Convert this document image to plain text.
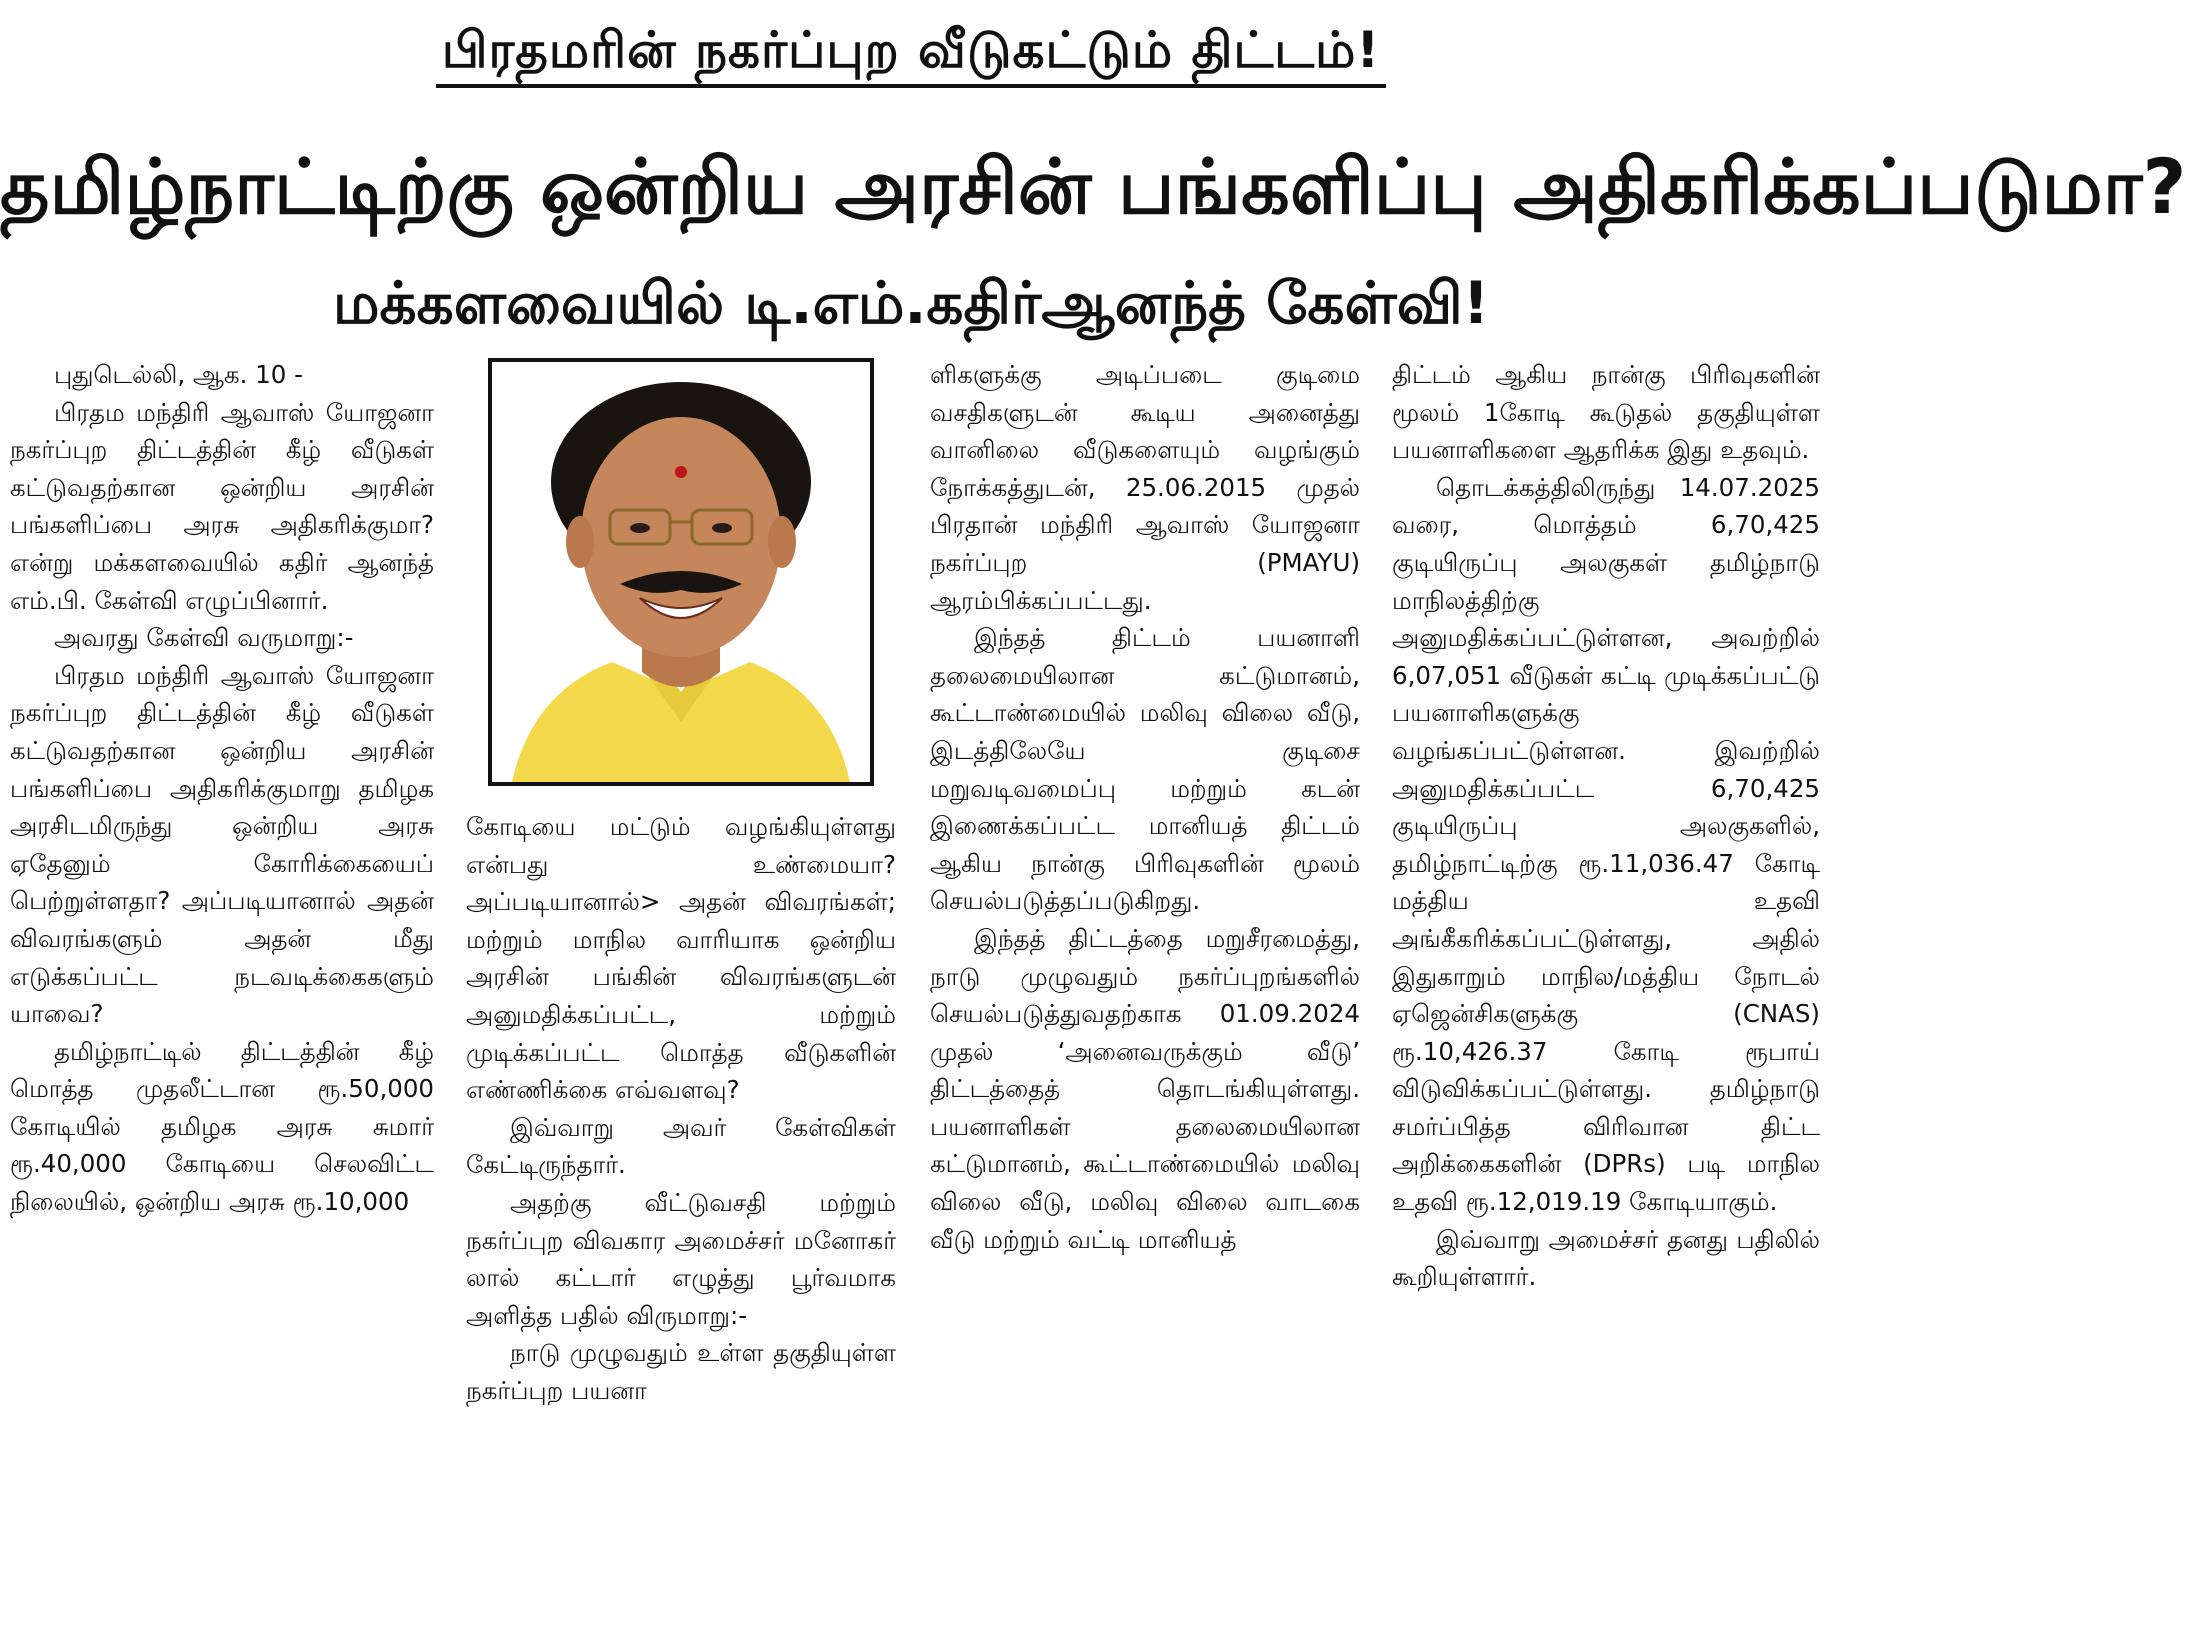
பிரதமரின் நகர்ப்புற வீடுகட்டும் திட்டம்!
தமிழ்நாட்டிற்கு ஒன்றிய அரசின் பங்களிப்பு அதிகரிக்கப்படுமா?
மக்களவையில் டி.எம்.கதிர்ஆனந்த் கேள்வி!

புதுடெல்லி, ஆக. 10 -

பிரதம மந்திரி ஆவாஸ் யோஜனா நகர்ப்புற திட்டத்தின் கீழ் வீடுகள் கட்டுவதற்கான ஒன்றிய அரசின் பங்களிப்பை அரசு அதிகரிக்குமா? என்று மக்களவையில் கதிர் ஆனந்த் எம்.பி. கேள்வி எழுப்பினார்.

அவரது கேள்வி வருமாறு:-

பிரதம மந்திரி ஆவாஸ் யோஜனா நகர்ப்புற திட்டத்தின் கீழ் வீடுகள் கட்டுவதற்கான ஒன்றிய அரசின் பங்களிப்பை அதிகரிக்குமாறு தமிழக அரசிடமிருந்து ஒன்றிய அரசு ஏதேனும் கோரிக்கையைப் பெற்றுள்ளதா? அப்படியானால் அதன் விவரங்களும் அதன் மீது எடுக்கப்பட்ட நடவடிக்கைகளும் யாவை?

தமிழ்நாட்டில் திட்டத்தின் கீழ் மொத்த முதலீட்டான ரூ.50,000 கோடியில் தமிழக அரசு சுமார் ரூ.40,000 கோடியை செலவிட்ட நிலையில், ஒன்றிய அரசு ரூ.10,000

கோடியை மட்டும் வழங்கியுள்ளது என்பது உண்மையா? அப்படியானால்> அதன் விவரங்கள்; மற்றும் மாநில வாரியாக ஒன்றிய அரசின் பங்கின் விவரங்களுடன் அனுமதிக்கப்பட்ட, மற்றும் முடிக்கப்பட்ட மொத்த வீடுகளின் எண்ணிக்கை எவ்வளவு?

இவ்வாறு அவர் கேள்விகள் கேட்டிருந்தார்.

அதற்கு வீட்டுவசதி மற்றும் நகர்ப்புற விவகார அமைச்சர் மனோகர் லால் கட்டார் எழுத்து பூர்வமாக அளித்த பதில் விருமாறு:-

நாடு முழுவதும் உள்ள தகுதியுள்ள நகர்ப்புற பயனா

ளிகளுக்கு அடிப்படை குடிமை வசதிகளுடன் கூடிய அனைத்து வானிலை வீடுகளையும் வழங்கும் நோக்கத்துடன், 25.06.2015 முதல் பிரதான் மந்திரி ஆவாஸ் யோஜனா நகர்ப்புற (PMAYU) ஆரம்பிக்கப்பட்டது.

இந்தத் திட்டம் பயனாளி தலைமையிலான கட்டுமானம், கூட்டாண்மையில் மலிவு விலை வீடு, இடத்திலேயே குடிசை மறுவடிவமைப்பு மற்றும் கடன் இணைக்கப்பட்ட மானியத் திட்டம் ஆகிய நான்கு பிரிவுகளின் மூலம் செயல்படுத்தப்படுகிறது.

இந்தத் திட்டத்தை மறுசீரமைத்து, நாடு முழுவதும் நகர்ப்புறங்களில் செயல்படுத்துவதற்காக 01.09.2024 முதல் ‘அனைவருக்கும் வீடு’ திட்டத்தைத் தொடங்கியுள்ளது. பயனாளிகள் தலைமையிலான கட்டுமானம், கூட்டாண்மையில் மலிவு விலை வீடு, மலிவு விலை வாடகை வீடு மற்றும் வட்டி மானியத்

திட்டம் ஆகிய நான்கு பிரிவுகளின் மூலம் 1கோடி கூடுதல் தகுதியுள்ள பயனாளிகளை ஆதரிக்க இது உதவும்.

தொடக்கத்திலிருந்து 14.07.2025 வரை, மொத்தம் 6,70,425 குடியிருப்பு அலகுகள் தமிழ்நாடு மாநிலத்திற்கு அனுமதிக்கப்பட்டுள்ளன, அவற்றில் 6,07,051 வீடுகள் கட்டி முடிக்கப்பட்டு பயனாளிகளுக்கு வழங்கப்பட்டுள்ளன. இவற்றில் அனுமதிக்கப்பட்ட 6,70,425 குடியிருப்பு அலகுகளில், தமிழ்நாட்டிற்கு ரூ.11,036.47 கோடி மத்திய உதவி அங்கீகரிக்கப்பட்டுள்ளது, அதில் இதுகாறும் மாநில/மத்திய நோடல் ஏஜென்சிகளுக்கு (CNAS) ரூ.10,426.37 கோடி ரூபாய் விடுவிக்கப்பட்டுள்ளது. தமிழ்நாடு சமர்ப்பித்த விரிவான திட்ட அறிக்கைகளின் (DPRs) படி மாநில உதவி ரூ.12,019.19 கோடியாகும்.

இவ்வாறு அமைச்சர் தனது பதிலில் கூறியுள்ளார்.
